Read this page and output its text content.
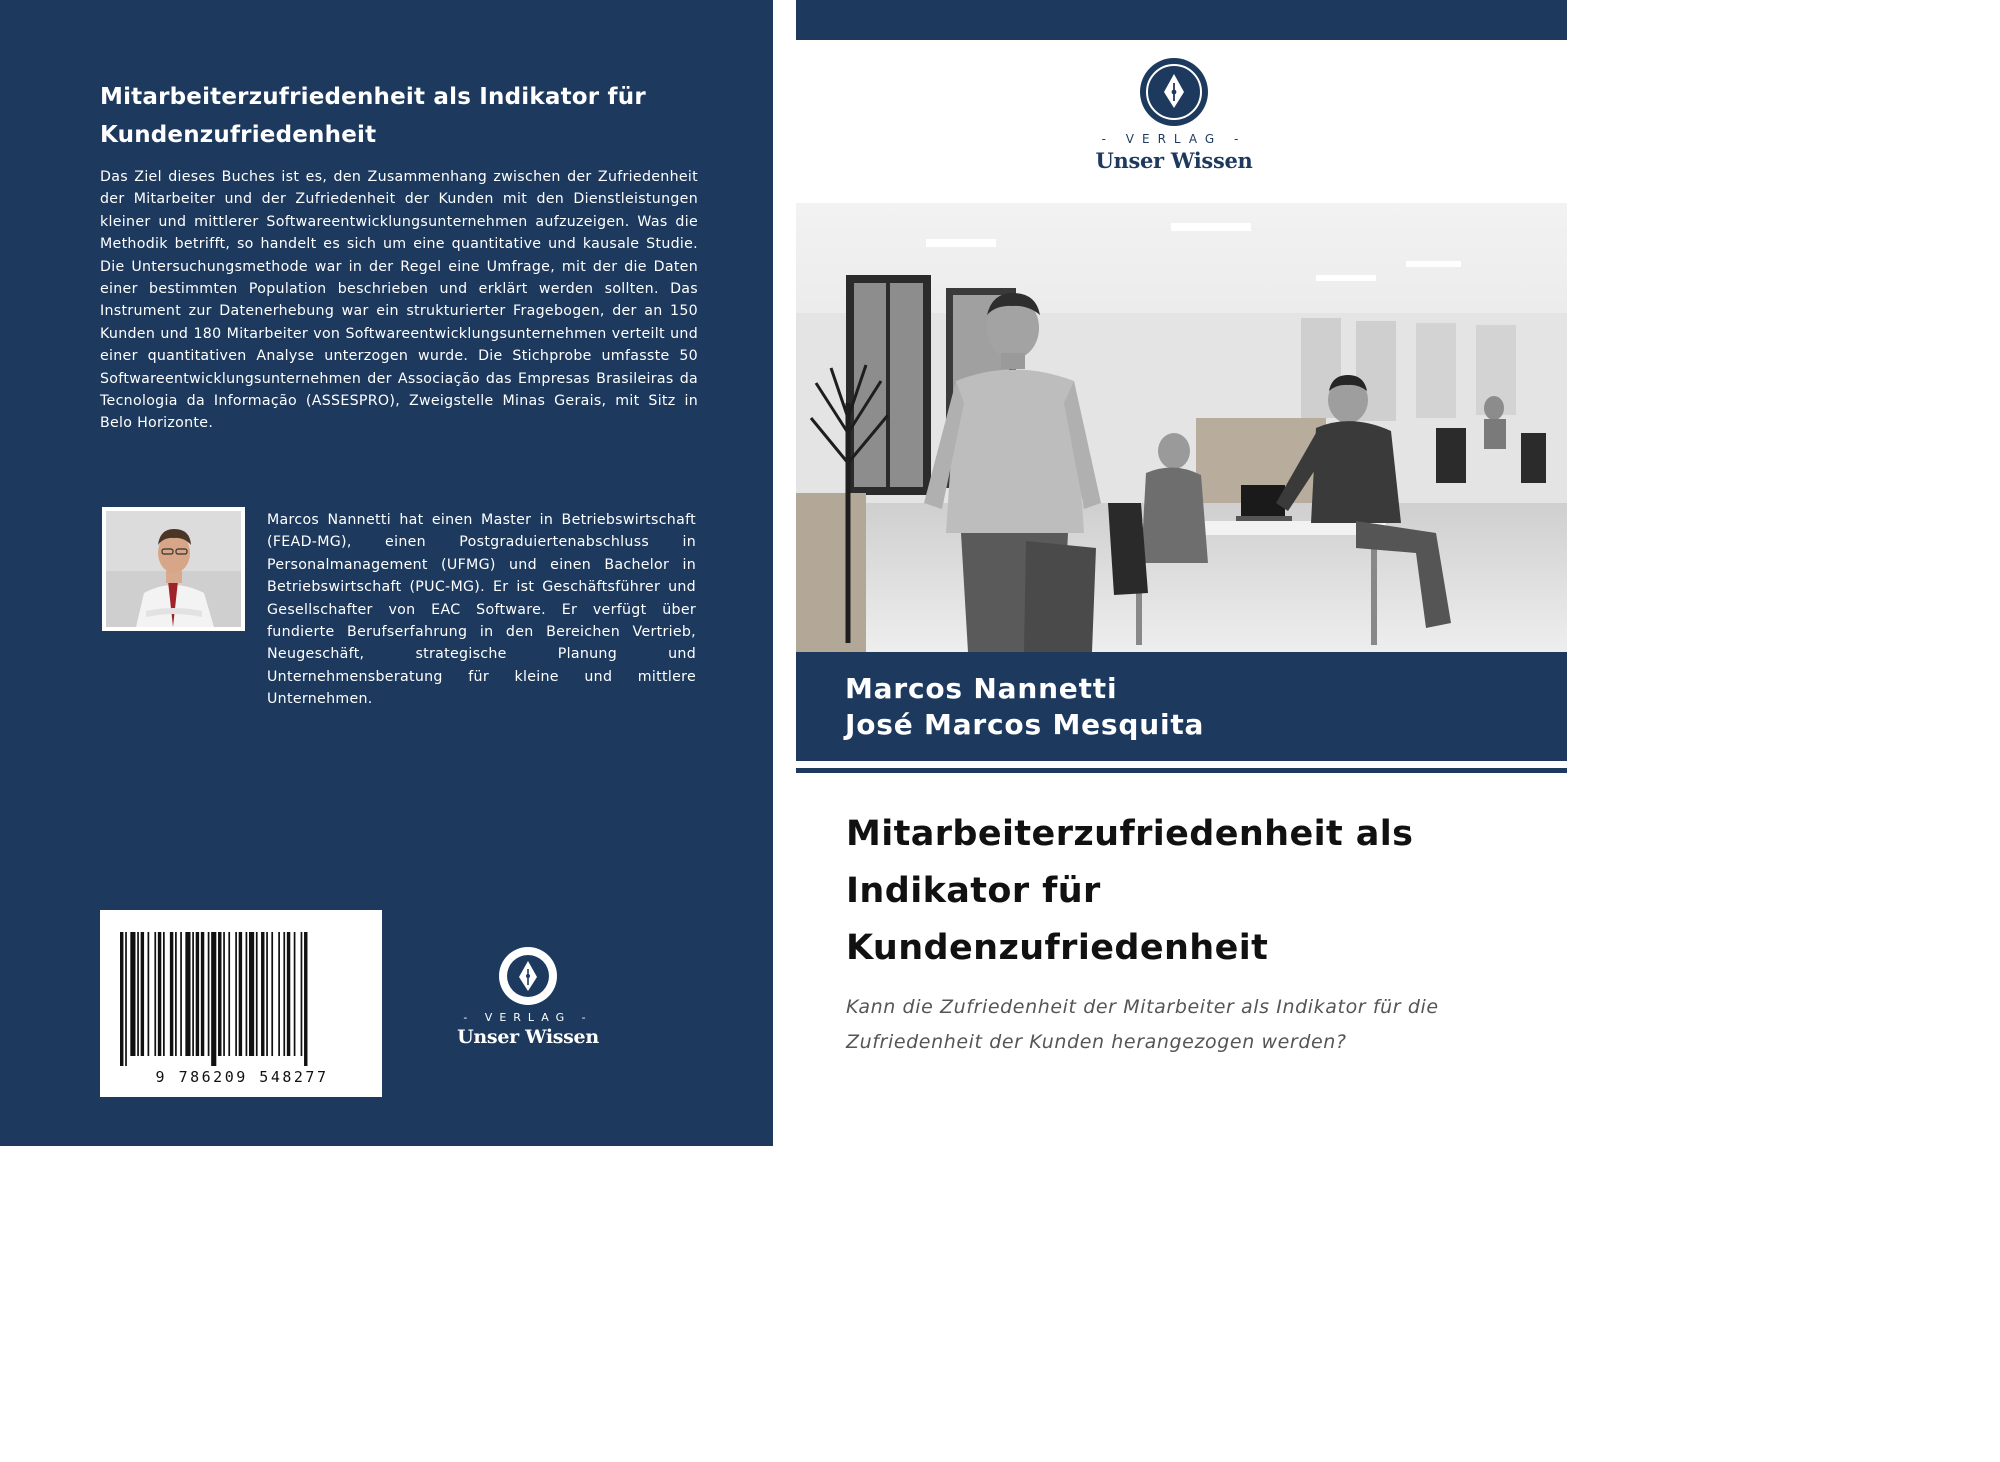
Mitarbeiterzufriedenheit als Indikator für Kundenzufriedenheit
Das Ziel dieses Buches ist es, den Zusammenhang zwischen der Zufriedenheit der Mitarbeiter und der Zufriedenheit der Kunden mit den Dienstleistungen kleiner und mittlerer Softwareentwicklungsunternehmen aufzuzeigen. Was die Methodik betrifft, so handelt es sich um eine quantitative und kausale Studie. Die Untersuchungsmethode war in der Regel eine Umfrage, mit der die Daten einer bestimmten Population beschrieben und erklärt werden sollten. Das Instrument zur Datenerhebung war ein strukturierter Fragebogen, der an 150 Kunden und 180 Mitarbeiter von Softwareentwicklungsunternehmen verteilt und einer quantitativen Analyse unterzogen wurde. Die Stichprobe umfasste 50 Softwareentwicklungsunternehmen der Associação das Empresas Brasileiras da Tecnologia da Informação (ASSESPRO), Zweigstelle Minas Gerais, mit Sitz in Belo Horizonte.
Marcos Nannetti hat einen Master in Betriebswirtschaft (FEAD-MG), einen Postgraduiertenabschluss in Personalmanagement (UFMG) und einen Bachelor in Betriebswirtschaft (PUC-MG). Er ist Geschäftsführer und Gesellschafter von EAC Software. Er verfügt über fundierte Berufserfahrung in den Bereichen Vertrieb, Neugeschäft, strategische Planung und Unternehmensberatung für kleine und mittlere Unternehmen.
9 786209 548277
- VERLAG -
Unser Wissen
- VERLAG -
Unser Wissen
Marcos Nannetti
José Marcos Mesquita
Mitarbeiterzufriedenheit als
Indikator für
Kundenzufriedenheit
Kann die Zufriedenheit der Mitarbeiter als Indikator für die
Zufriedenheit der Kunden herangezogen werden?
